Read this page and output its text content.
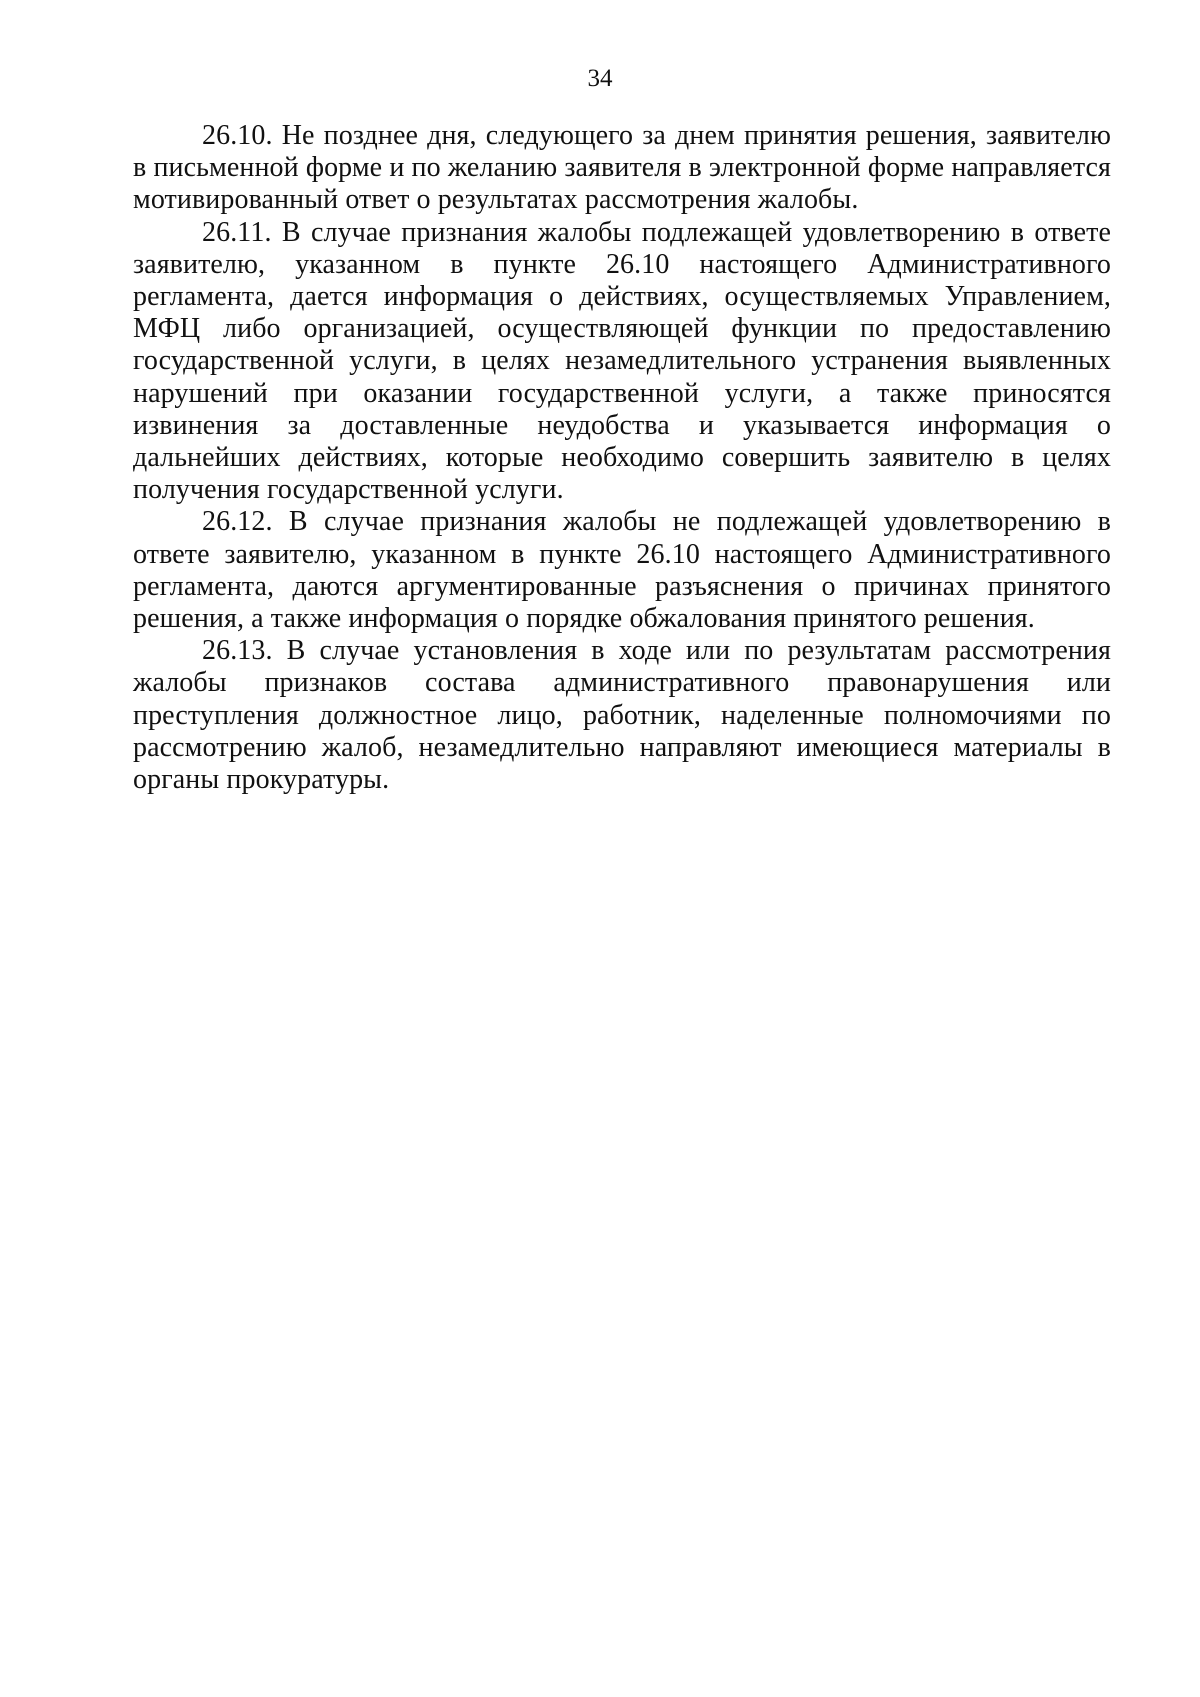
34

26.10. Не позднее дня, следующего за днем принятия решения, заявителю в письменной форме и по желанию заявителя в электронной форме направляется мотивированный ответ о результатах рассмотрения жалобы.

26.11. В случае признания жалобы подлежащей удовлетворению в ответе заявителю, указанном в пункте 26.10 настоящего Административного регламента, дается информация о действиях, осуществляемых Управлением, МФЦ либо организацией, осуществляющей функции по предоставлению государственной услуги, в целях незамедлительного устранения выявленных нарушений при оказании государственной услуги, а также приносятся извинения за доставленные неудобства и указывается информация о дальнейших действиях, которые необходимо совершить заявителю в целях получения государственной услуги.

26.12. В случае признания жалобы не подлежащей удовлетворению в ответе заявителю, указанном в пункте 26.10 настоящего Административного регламента, даются аргументированные разъяснения о причинах принятого решения, а также информация о порядке обжалования принятого решения.

26.13. В случае установления в ходе или по результатам рассмотрения жалобы признаков состава административного правонарушения или преступления должностное лицо, работник, наделенные полномочиями по рассмотрению жалоб, незамедлительно направляют имеющиеся материалы в органы прокуратуры.
